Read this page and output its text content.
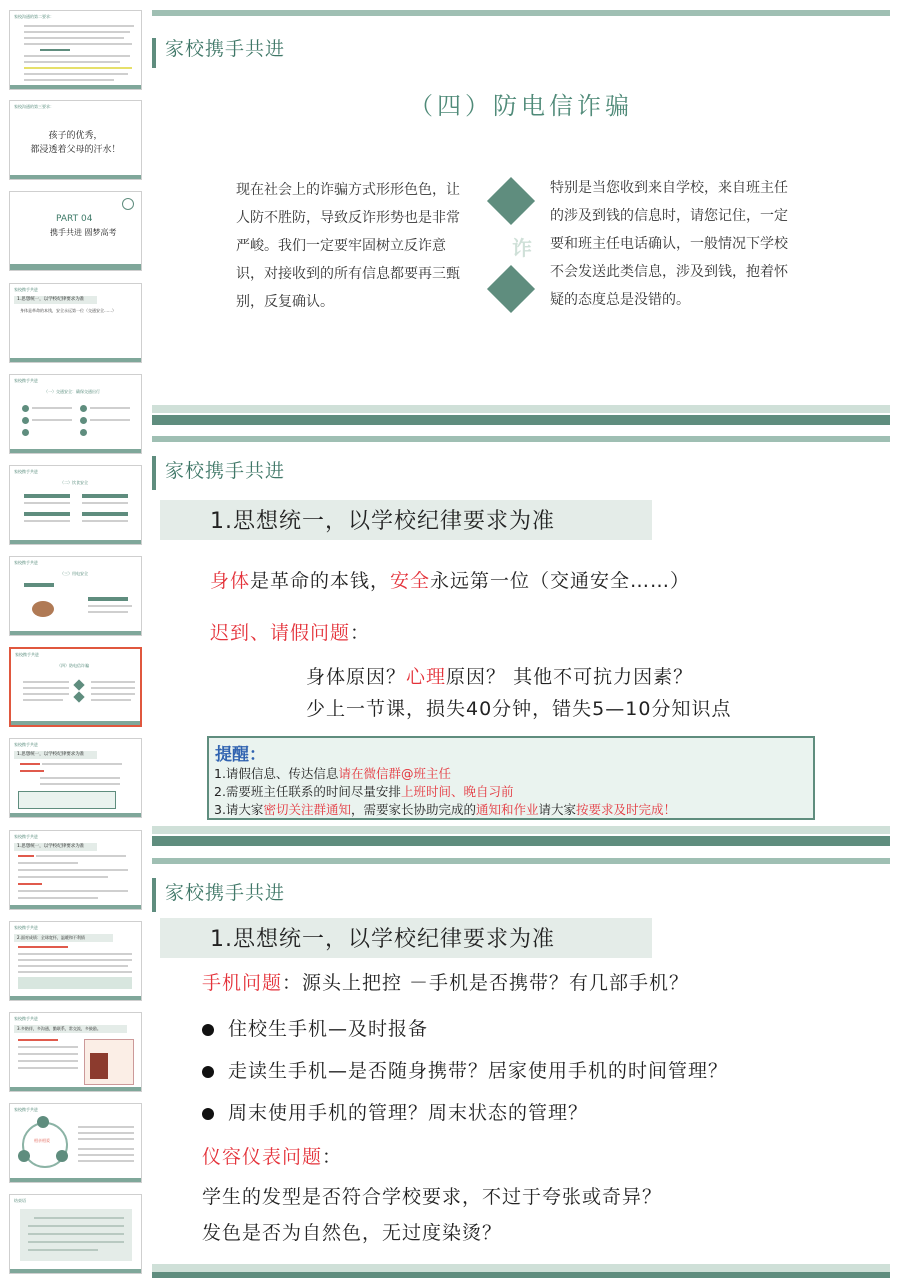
家校沟通的第二要求：
家校沟通的第三要求：
孩子的优秀，
都浸透着父母的汗水！
PART 04
携手共进 圆梦高考
家校携手共进
1.思想统一，以学校纪律要求为准
身体是革命的本钱，安全永远第一位（交通安全……）
家校携手共进
（一）交通安全：确保交通出行
家校携手共进
（二）饮食安全
家校携手共进
（三）用电安全
家校携手共进
（四）防电信诈骗
家校携手共进
1.思想统一，以学校纪律要求为准
家校携手共进
1.思想统一，以学校纪律要求为准
家校携手共进
2.面对成绩：全球宽怀，温暖和不利情
家校携手共进
3.多陪伴，多沟通，勤联系，常交流，多鼓励。
家校携手共进
相亲相爱
结束语
家校携手共进
（四）防电信诈骗
现在社会上的诈骗方式形形色色，让人防不胜防，导致反诈形势也是非常严峻。我们一定要牢固树立反诈意识，对接收到的所有信息都要再三甄别，反复确认。
诈
特别是当您收到来自学校，来自班主任的涉及到钱的信息时，请您记住，一定要和班主任电话确认，一般情况下学校不会发送此类信息，涉及到钱，抱着怀疑的态度总是没错的。
家校携手共进
1.思想统一，以学校纪律要求为准
身体是革命的本钱，安全永远第一位（交通安全……）
迟到、请假问题：
身体原因？心理原因？ 其他不可抗力因素？
少上一节课，损失40分钟，错失5—10分知识点
提醒：
1.请假信息、传达信息请在微信群@班主任
2.需要班主任联系的时间尽量安排上班时间、晚自习前
3.请大家密切关注群通知，需要家长协助完成的通知和作业请大家按要求及时完成！
家校携手共进
1.思想统一，以学校纪律要求为准
手机问题：源头上把控 －手机是否携带？有几部手机？
住校生手机—及时报备
走读生手机—是否随身携带？居家使用手机的时间管理？
周末使用手机的管理？周末状态的管理？
仪容仪表问题：
学生的发型是否符合学校要求，不过于夸张或奇异？
发色是否为自然色，无过度染烫？
